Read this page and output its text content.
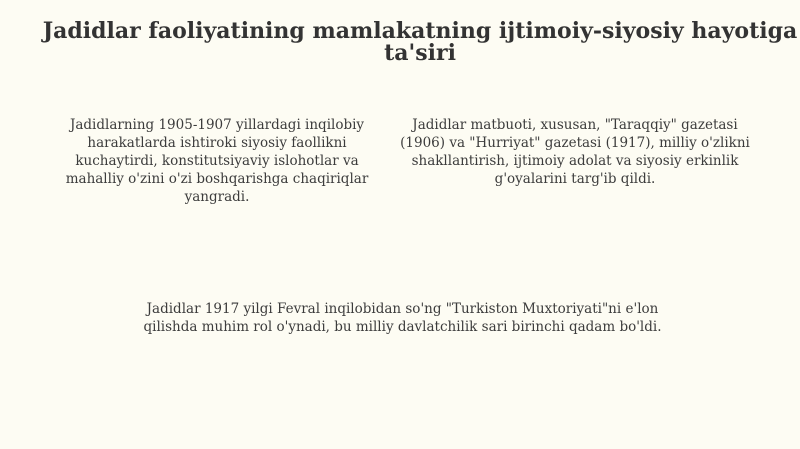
Jadidlar faoliyatining mamlakatning ijtimoiy-siyosiy hayotiga ta'siri

Jadidlarning 1905-1907 yillardagi inqilobiy harakatlarda ishtiroki siyosiy faollikni kuchaytirdi, konstitutsiyaviy islohotlar va mahalliy o'zini o'zi boshqarishga chaqiriqlar yangradi.

Jadidlar matbuoti, xususan, "Taraqqiy" gazetasi (1906) va "Hurriyat" gazetasi (1917), milliy o'zlikni shakllantirish, ijtimoiy adolat va siyosiy erkinlik g'oyalarini targ'ib qildi.

Jadidlar 1917 yilgi Fevral inqilobidan so'ng "Turkiston Muxtoriyati"ni e'lon qilishda muhim rol o'ynadi, bu milliy davlatchilik sari birinchi qadam bo'ldi.
